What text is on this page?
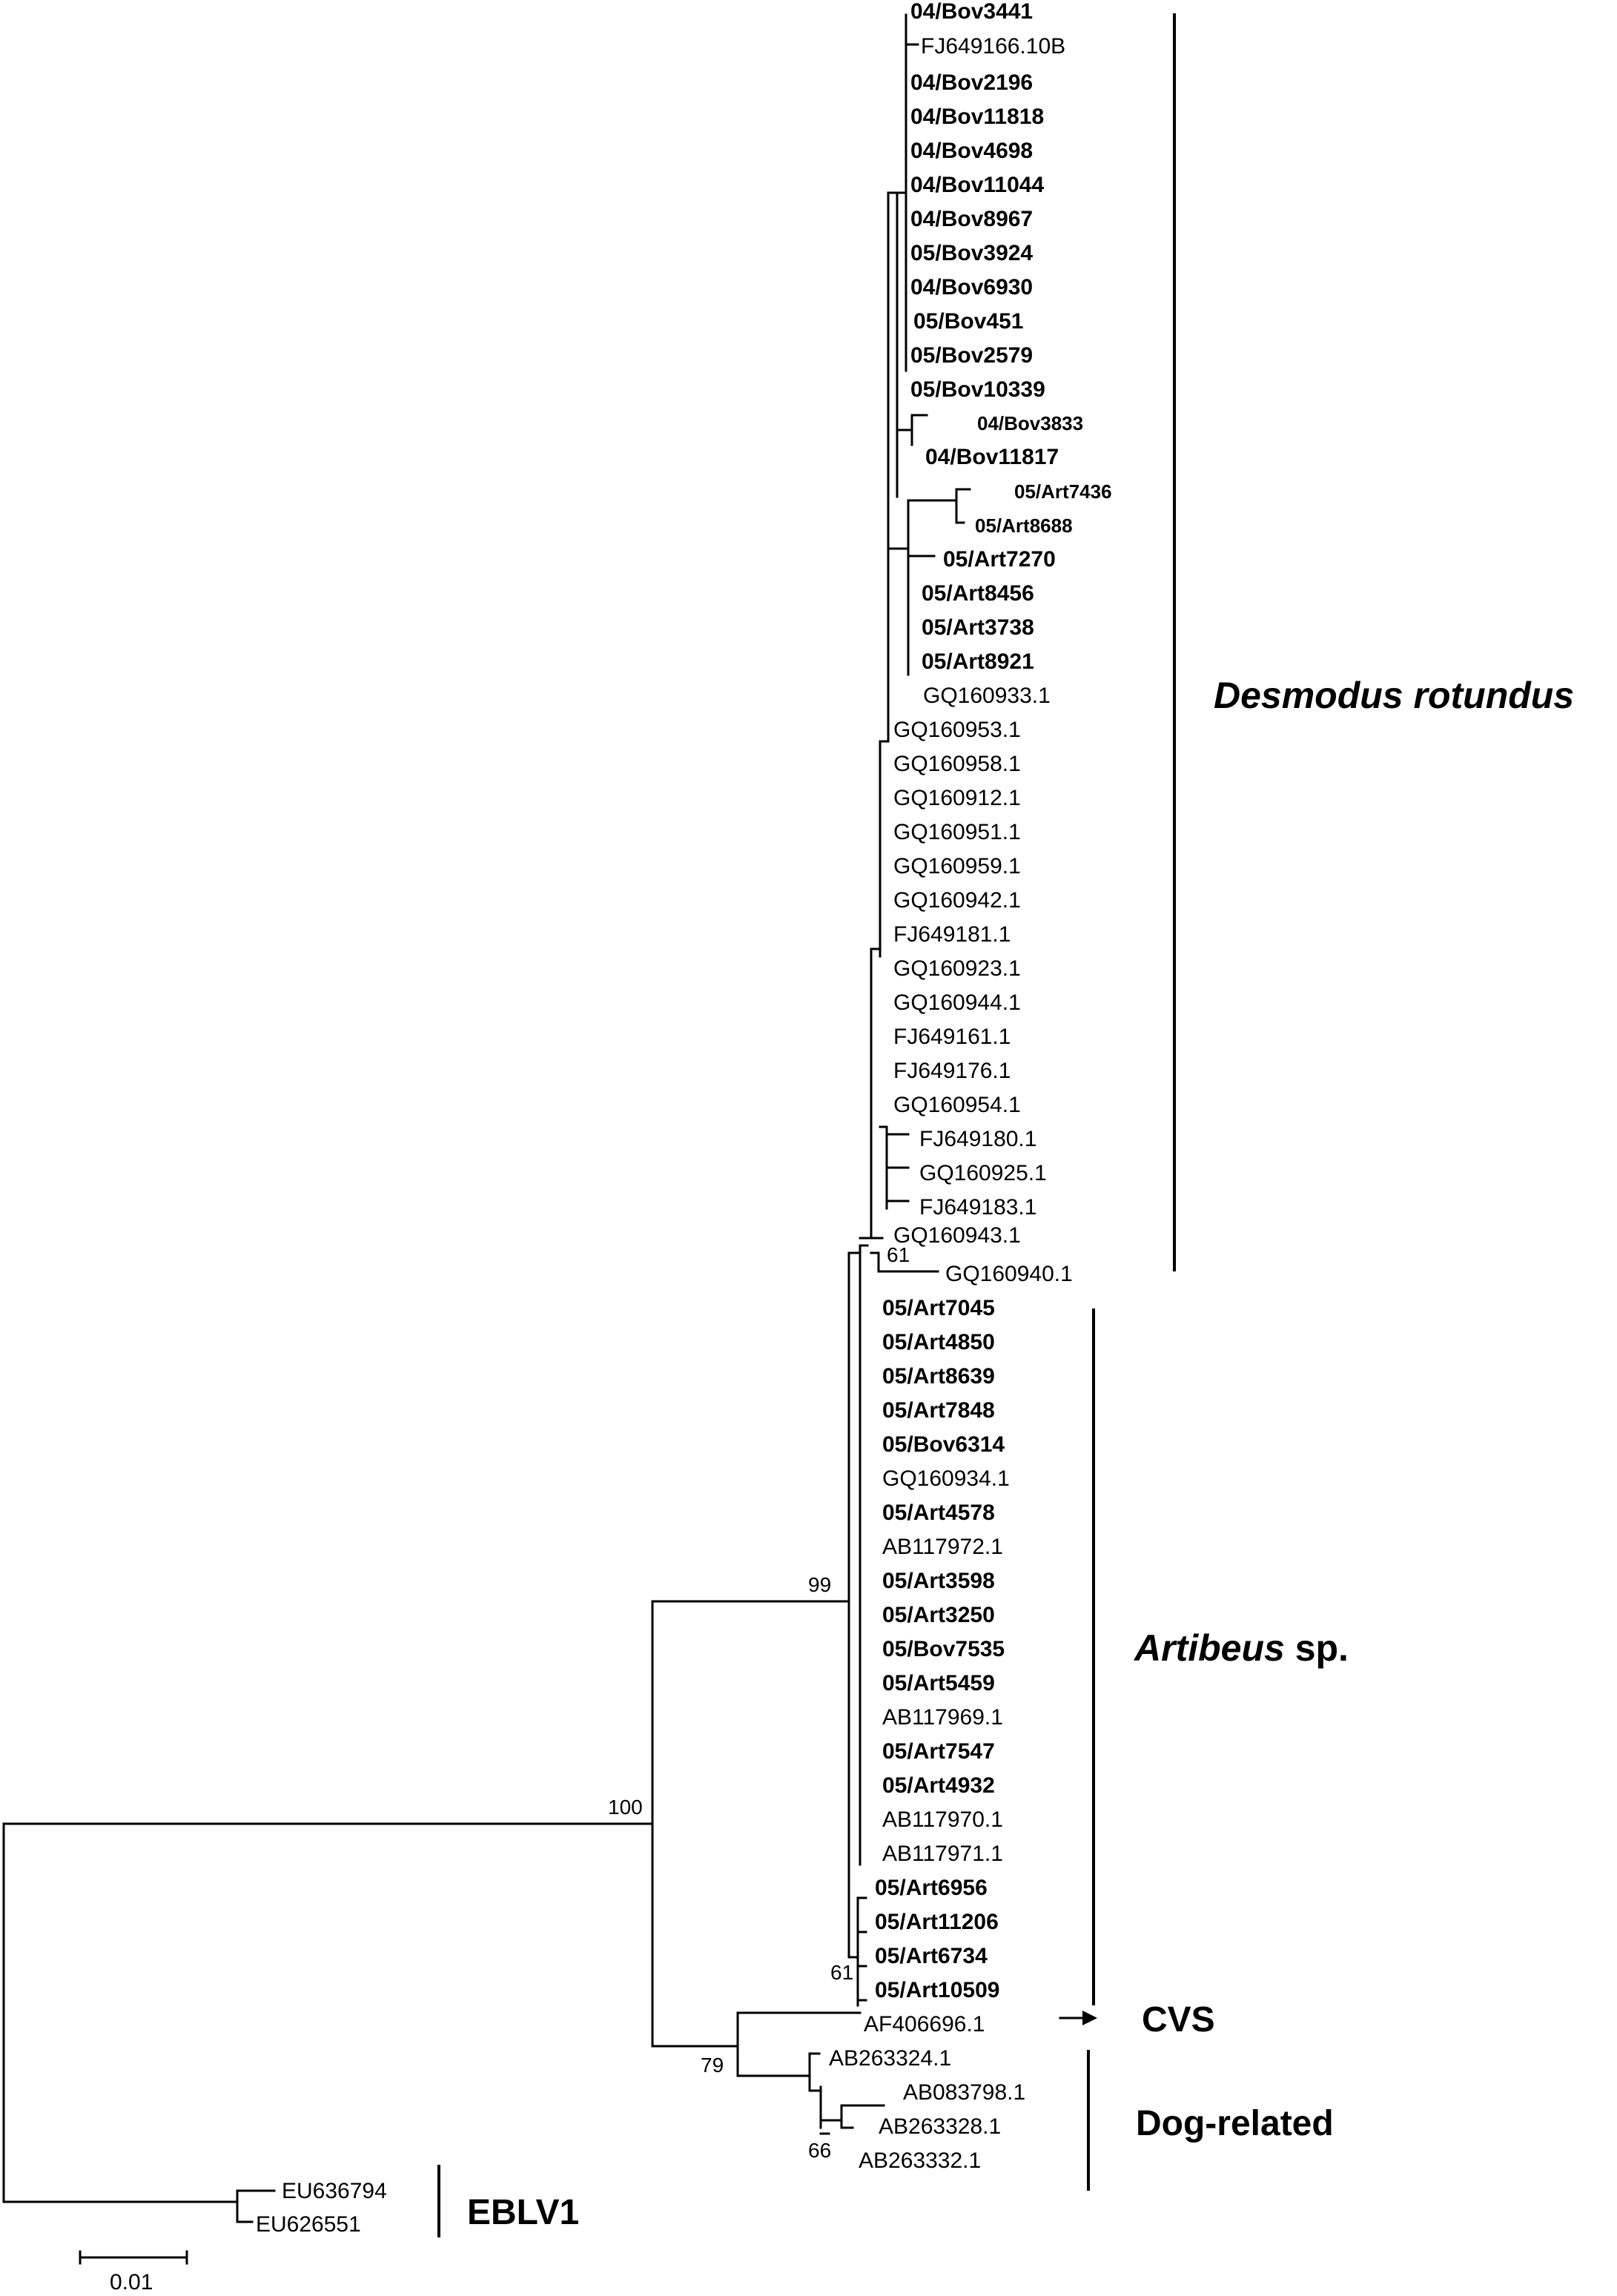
04/Bov3441
FJ649166.10B
04/Bov2196
04/Bov11818
04/Bov4698
04/Bov11044
04/Bov8967
05/Bov3924
04/Bov6930
05/Bov451
05/Bov2579
05/Bov10339
04/Bov3833
04/Bov11817
05/Art7436
05/Art8688
05/Art7270
05/Art8456
05/Art3738
05/Art8921
GQ160933.1
GQ160953.1
GQ160958.1
GQ160912.1
GQ160951.1
GQ160959.1
GQ160942.1
FJ649181.1
GQ160923.1
GQ160944.1
FJ649161.1
FJ649176.1
GQ160954.1
FJ649180.1
GQ160925.1
FJ649183.1
GQ160943.1
GQ160940.1
05/Art7045
05/Art4850
05/Art8639
05/Art7848
05/Bov6314
GQ160934.1
05/Art4578
AB117972.1
05/Art3598
05/Art3250
05/Bov7535
05/Art5459
AB117969.1
05/Art7547
05/Art4932
AB117970.1
AB117971.1
05/Art6956
05/Art11206
05/Art6734
05/Art10509
AF406696.1
AB263324.1
AB083798.1
AB263328.1
AB263332.1
EU636794
EU626551
100
99
61
61
79
66
Desmodus rotundus
Artibeus sp.
CVS
Dog-related
EBLV1
0.01
